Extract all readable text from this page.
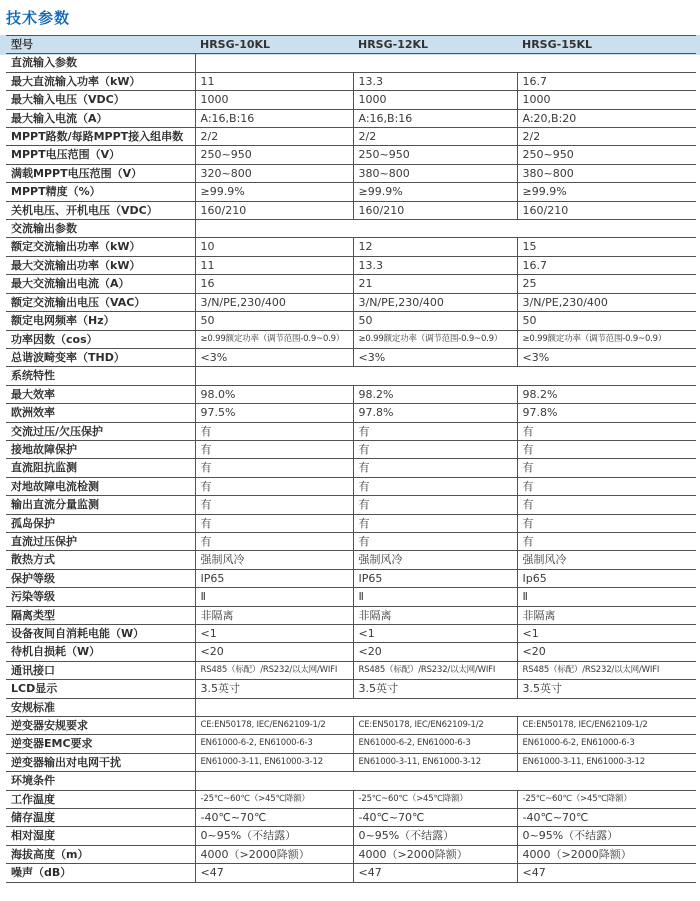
技术参数
型号	HRSG-10KL	HRSG-12KL	HRSG-15KL
直流输入参数			
最大直流输入功率（kW）	11	13.3	16.7
最大输入电压（VDC）	1000	1000	1000
最大输入电流（A）	A:16,B:16	A:16,B:16	A:20,B:20
MPPT路数/每路MPPT接入组串数	2/2	2/2	2/2
MPPT电压范围（V）	250~950	250~950	250~950
满载MPPT电压范围（V）	320~800	380~800	380~800
MPPT精度（%）	≥99.9%	≥99.9%	≥99.9%
关机电压、开机电压（VDC）	160/210	160/210	160/210
交流输出参数			
额定交流输出功率（kW）	10	12	15
最大交流输出功率（kW）	11	13.3	16.7
最大交流输出电流（A）	16	21	25
额定交流输出电压（VAC）	3/N/PE,230/400	3/N/PE,230/400	3/N/PE,230/400
额定电网频率（Hz）	50	50	50
功率因数（cos）	≥0.99额定功率（调节范围-0.9~0.9）	≥0.99额定功率（调节范围-0.9~0.9）	≥0.99额定功率（调节范围-0.9~0.9）
总谐波畸变率（THD）	<3%	<3%	<3%
系统特性			
最大效率	98.0%	98.2%	98.2%
欧洲效率	97.5%	97.8%	97.8%
交流过压/欠压保护	有	有	有
接地故障保护	有	有	有
直流阻抗监测	有	有	有
对地故障电流检测	有	有	有
输出直流分量监测	有	有	有
孤岛保护	有	有	有
直流过压保护	有	有	有
散热方式	强制风冷	强制风冷	强制风冷
保护等级	IP65	IP65	Ip65
污染等级	Ⅱ	Ⅱ	Ⅱ
隔离类型	非隔离	非隔离	非隔离
设备夜间自消耗电能（W）	<1	<1	<1
待机自损耗（W）	<20	<20	<20
通讯接口	RS485（标配）/RS232/以太网/WIFI	RS485（标配）/RS232/以太网/WIFI	RS485（标配）/RS232/以太网/WIFI
LCD显示	3.5英寸	3.5英寸	3.5英寸
安规标准			
逆变器安规要求	CE:EN50178, IEC/EN62109-1/2	CE:EN50178, IEC/EN62109-1/2	CE:EN50178, IEC/EN62109-1/2
逆变器EMC要求	EN61000-6-2, EN61000-6-3	EN61000-6-2, EN61000-6-3	EN61000-6-2, EN61000-6-3
逆变器输出对电网干扰	EN61000-3-11, EN61000-3-12	EN61000-3-11, EN61000-3-12	EN61000-3-11, EN61000-3-12
环境条件			
工作温度	-25℃~60℃（>45℃降额）	-25℃~60℃（>45℃降额）	-25℃~60℃（>45℃降额）
储存温度	-40℃~70℃	-40℃~70℃	-40℃~70℃
相对湿度	0~95%（不结露）	0~95%（不结露）	0~95%（不结露）
海拔高度（m）	4000（>2000降额）	4000（>2000降额）	4000（>2000降额）
噪声（dB）	<47	<47	<47
